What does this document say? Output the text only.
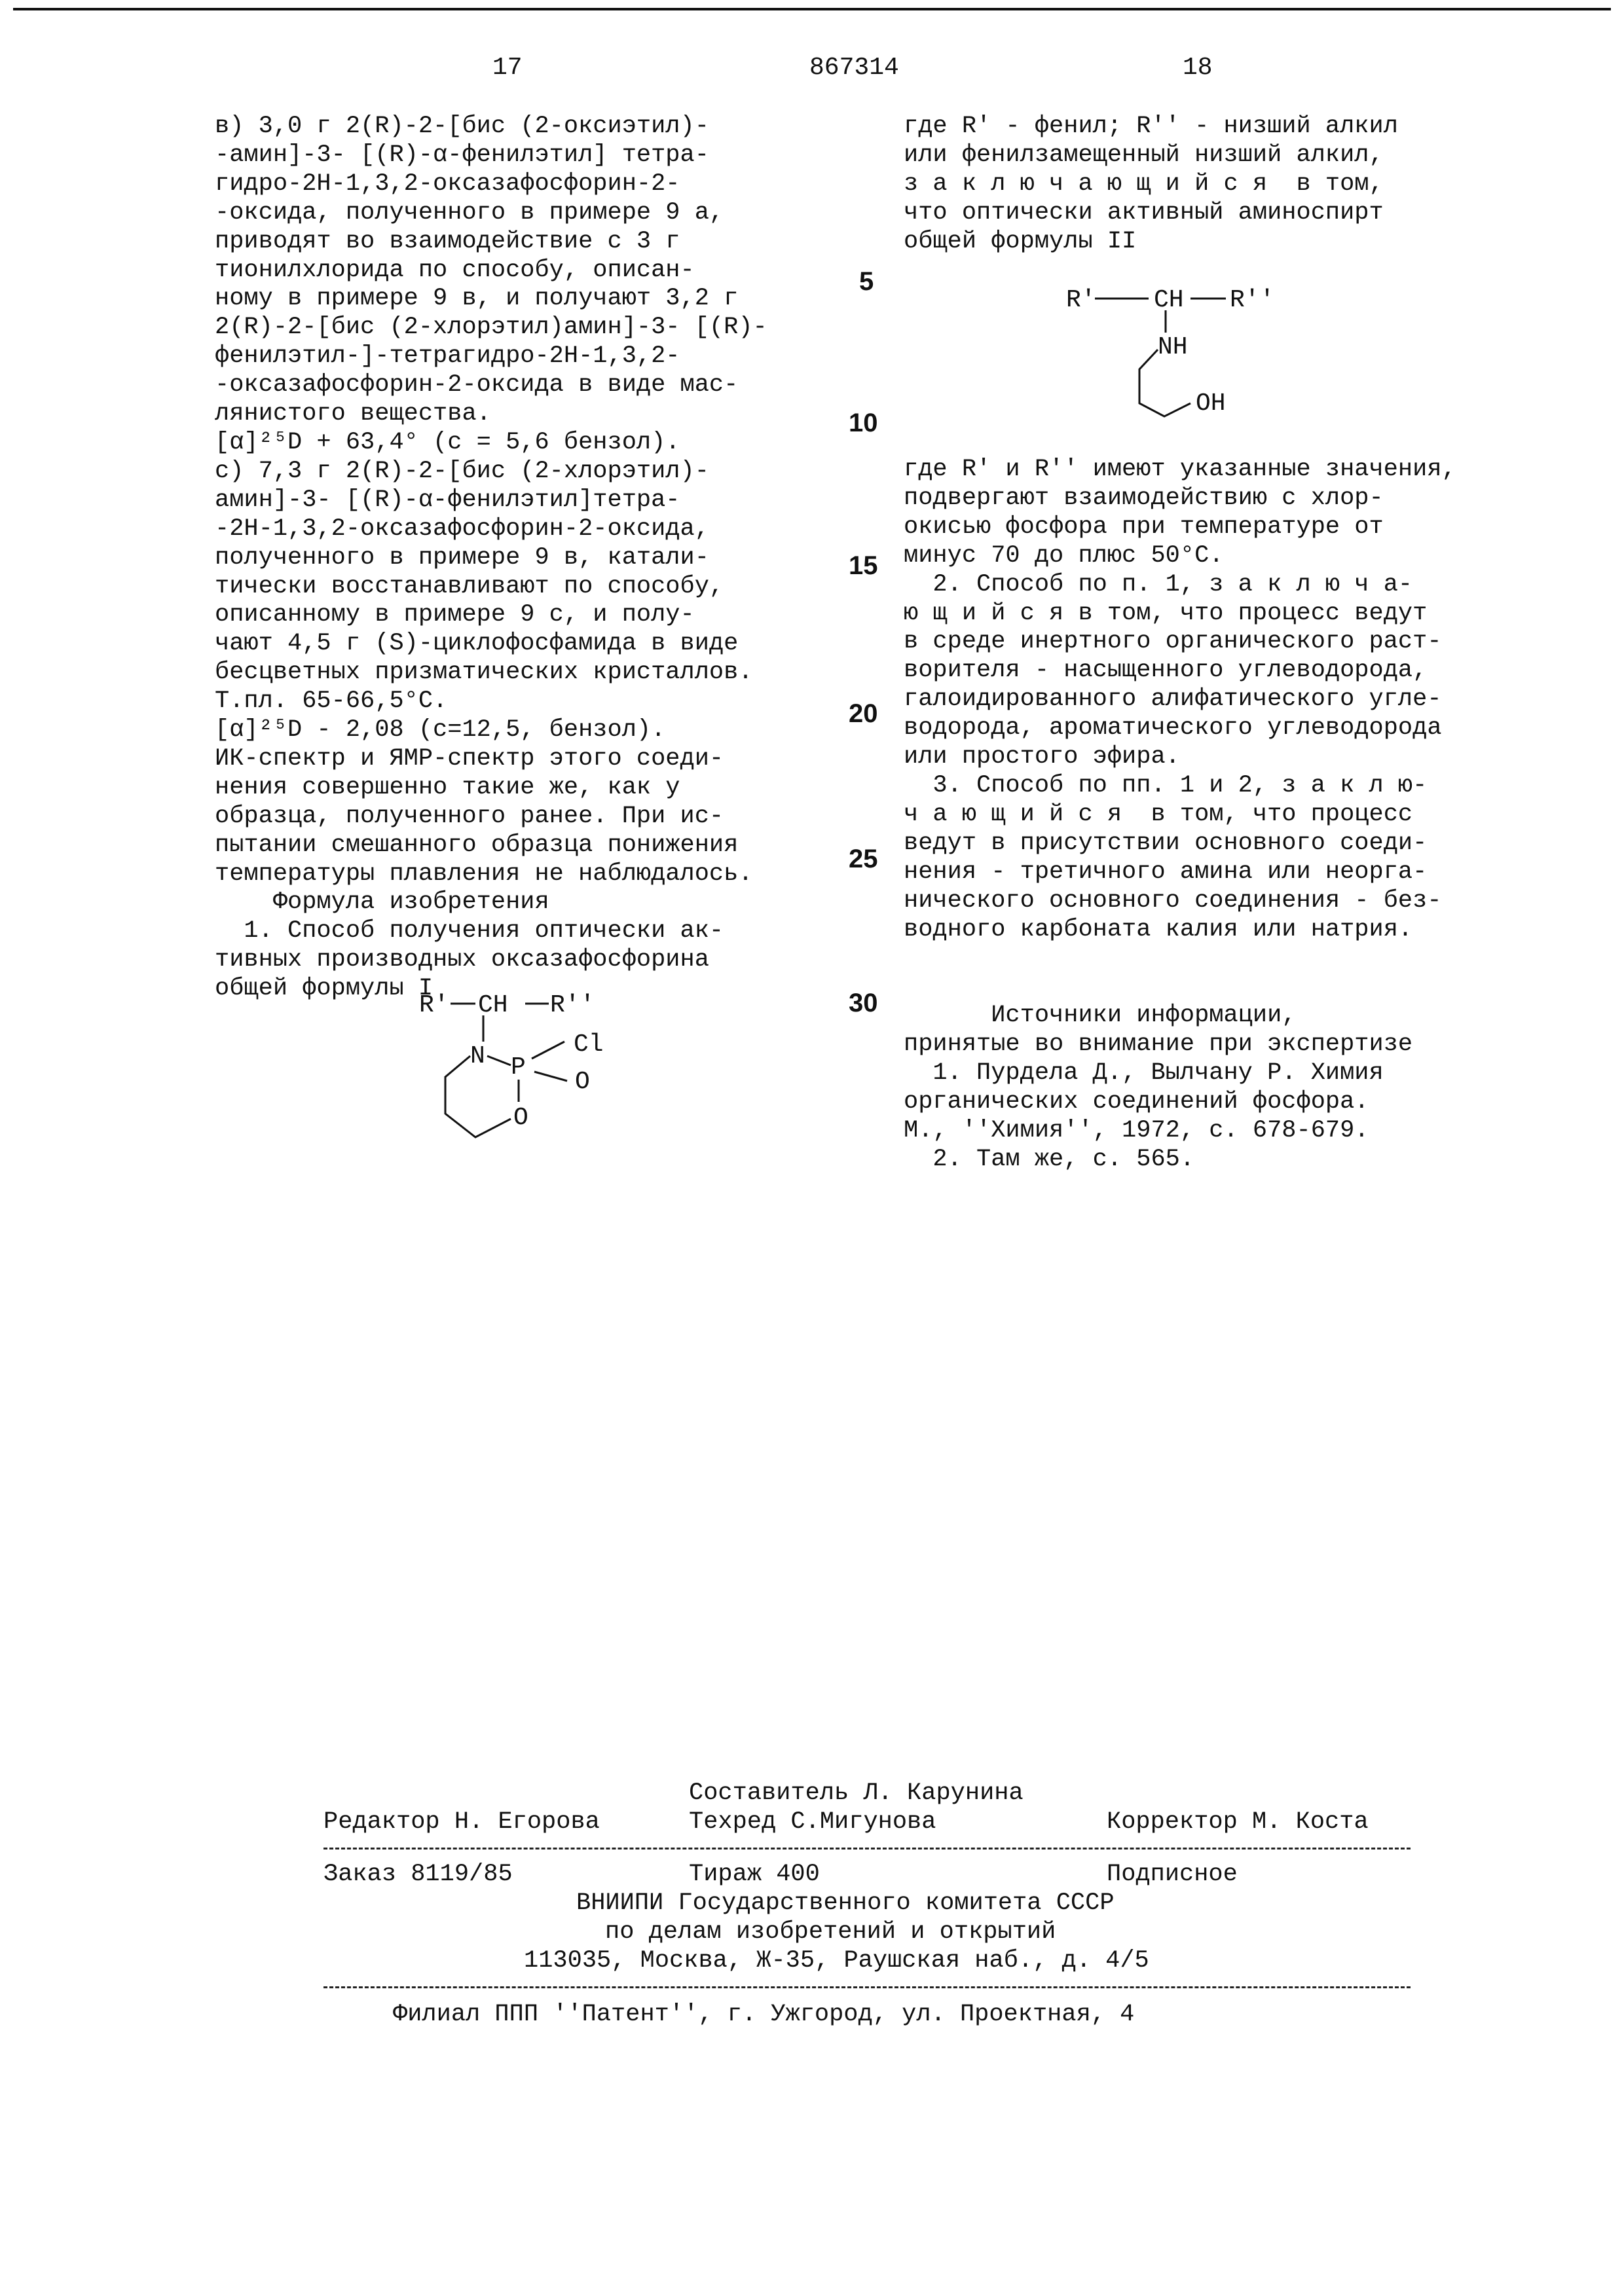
17	867314	18
в) 3,0 г 2(R)-2-[бис (2-оксиэтил)-
-амин]-3- [(R)-α-фенилэтил] тетра-
гидро-2Н-1,3,2-оксазафосфорин-2-
-оксида, полученного в примере 9 а,
приводят во взаимодействие с 3 г
тионилхлорида по способу, описан-
ному в примере 9 в, и получают 3,2 г
2(R)-2-[бис (2-хлорэтил)амин]-3- [(R)-
фенилэтил-]-тетрагидро-2Н-1,3,2-
-оксазафосфорин-2-оксида в виде мас-
лянистого вещества.
[α]²⁵D + 63,4° (с = 5,6 бензол).
с) 7,3 г 2(R)-2-[бис (2-хлорэтил)-
амин]-3- [(R)-α-фенилэтил]тетра-
-2Н-1,3,2-оксазафосфорин-2-оксида,
полученного в примере 9 в, катали-
тически восстанавливают по способу,
описанному в примере 9 с, и полу-
чают 4,5 г (S)-циклофосфамида в виде
бесцветных призматических кристаллов.
Т.пл. 65-66,5°С.
[α]²⁵D - 2,08 (с=12,5, бензол).
ИК-спектр и ЯМР-спектр этого соеди-
нения совершенно такие же, как у
образца, полученного ранее. При ис-
пытании смешанного образца понижения
температуры плавления не наблюдалось.
Формула изобретения
1. Способ получения оптически ак-
тивных производных оксазафосфорина
общей формулы I
где R' - фенил; R'' - низший алкил
или фенилзамещенный низший алкил,
з а к л ю ч а ю щ и й с я  в том,
что оптически активный аминоспирт
общей формулы II
где R' и R'' имеют указанные значения,
подвергают взаимодействию с хлор-
окисью фосфора при температуре от
минус 70 до плюс 50°С.
2. Способ по п. 1, з а к л ю ч а-
ю щ и й с я в том, что процесс ведут
в среде инертного органического раст-
ворителя - насыщенного углеводорода,
галоидированного алифатического угле-
водорода, ароматического углеводорода
или простого эфира.
3. Способ по пп. 1 и 2, з а к л ю-
ч а ю щ и й с я  в том, что процесс
ведут в присутствии основного соеди-
нения - третичного амина или неорга-
нического основного соединения - без-
водного карбоната калия или натрия.

Источники информации,
принятые во внимание при экспертизе
1. Пурдела Д., Вылчану Р. Химия
органических соединений фосфора.
М., ''Химия'', 1972, с. 678-679.
2. Там же, с. 565.
5
10
15
20
25
30
R' CH R''
N P
Cl
O
O
R' CH R''
NH
OH
Составитель Л. Карунина
Редактор Н. Егорова	Техред С.Мигунова	Корректор М. Коста
Заказ 8119/85	Тираж 400	Подписное
ВНИИПИ Государственного комитета СССР
по делам изобретений и открытий
113035, Москва, Ж-35, Раушская наб., д. 4/5
Филиал ППП ''Патент'', г. Ужгород, ул. Проектная, 4
